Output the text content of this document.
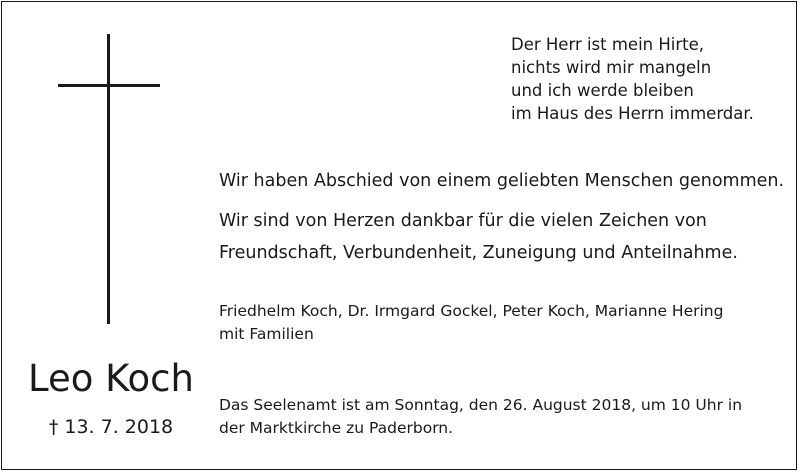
Der Herr ist mein Hirte,
nichts wird mir mangeln
und ich werde bleiben
im Haus des Herrn immerdar.

Wir haben Abschied von einem geliebten Menschen genommen.

Wir sind von Herzen dankbar für die vielen Zeichen von
Freundschaft, Verbundenheit, Zuneigung und Anteilnahme.

Friedhelm Koch, Dr. Irmgard Gockel, Peter Koch, Marianne Hering
mit Familien

Das Seelenamt ist am Sonntag, den 26. August 2018, um 10 Uhr in
der Marktkirche zu Paderborn.

Leo Koch
† 13. 7. 2018
